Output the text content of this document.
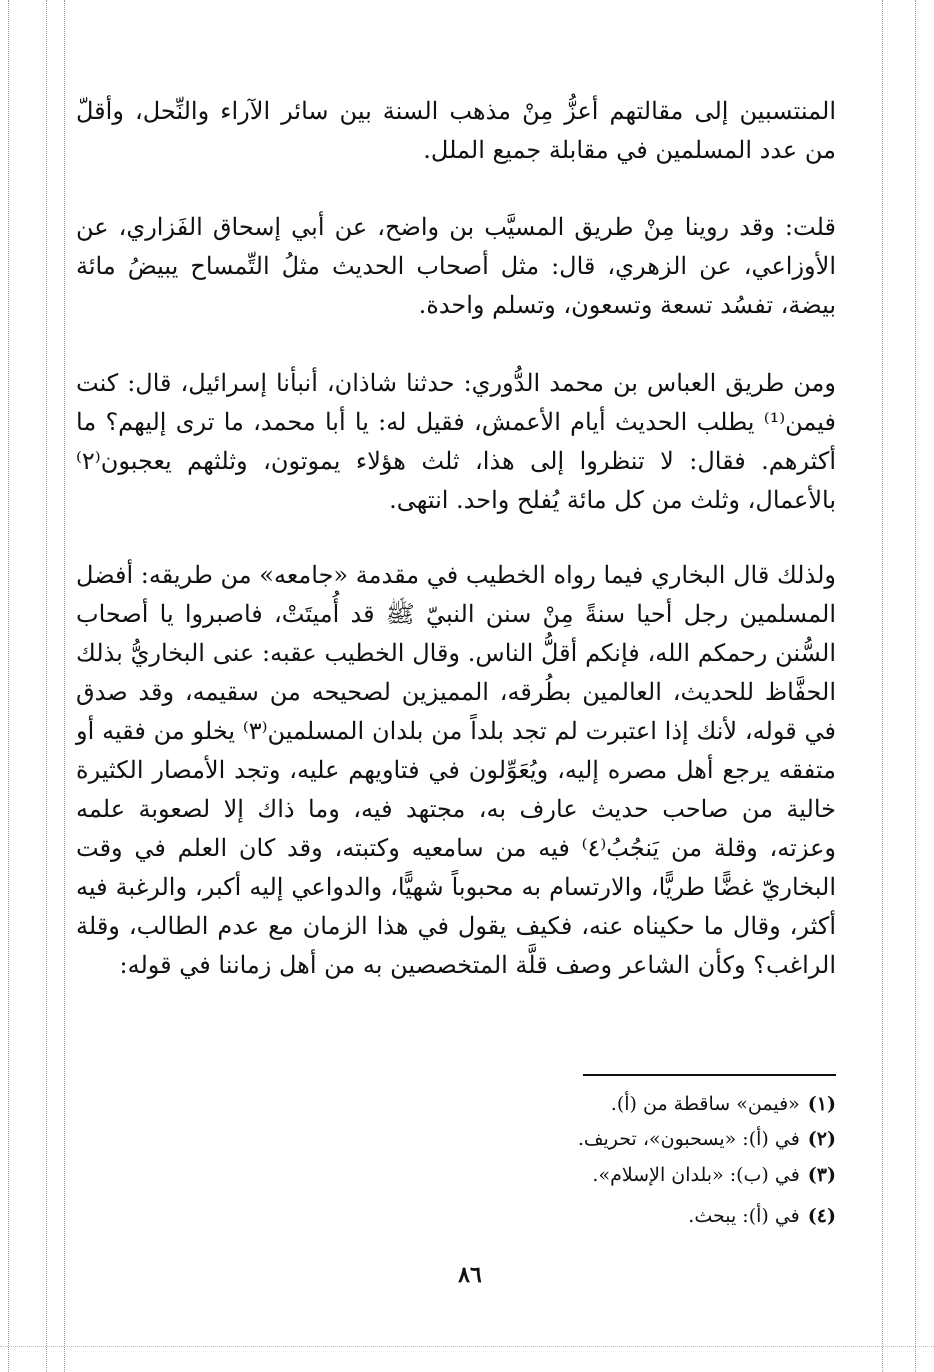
المنتسبين إلى مقالتهم أعزُّ مِنْ مذهب السنة بين سائر الآراء والنِّحل، وأقلّ من عدد المسلمين في مقابلة جميع الملل.

قلت: وقد روينا مِنْ طريق المسيَّب بن واضح، عن أبي إسحاق الفَزاري، عن الأوزاعي، عن الزهري، قال: مثل أصحاب الحديث مثلُ التِّمساح يبيضُ مائة بيضة، تفسُد تسعة وتسعون، وتسلم واحدة.

ومن طريق العباس بن محمد الدُّوري: حدثنا شاذان، أنبأنا إسرائيل، قال: كنت فيمن⁽¹⁾ يطلب الحديث أيام الأعمش، فقيل له: يا أبا محمد، ما ترى إليهم؟ ما أكثرهم. فقال: لا تنظروا إلى هذا، ثلث هؤلاء يموتون، وثلثهم يعجبون⁽٢⁾ بالأعمال، وثلث من كل مائة يُفلح واحد. انتهى.

ولذلك قال البخاري فيما رواه الخطيب في مقدمة «جامعه» من طريقه: أفضل المسلمين رجل أحيا سنةً مِنْ سنن النبيّ ﷺ قد أُميتَتْ، فاصبروا يا أصحاب السُّنن رحمكم الله، فإنكم أقلُّ الناس. وقال الخطيب عقبه: عنى البخاريُّ بذلك الحفَّاظ للحديث، العالمين بطُرقه، المميزين لصحيحه من سقيمه، وقد صدق في قوله، لأنك إذا اعتبرت لم تجد بلداً من بلدان المسلمين⁽٣⁾ يخلو من فقيه أو متفقه يرجع أهل مصره إليه، ويُعَوِّلون في فتاويهم عليه، وتجد الأمصار الكثيرة خالية من صاحب حديث عارف به، مجتهد فيه، وما ذاك إلا لصعوبة علمه وعزته، وقلة من يَنجُبُ⁽٤⁾ فيه من سامعيه وكتبته، وقد كان العلم في وقت البخاريّ غضًّا طريًّا، والارتسام به محبوباً شهيًّا، والدواعي إليه أكبر، والرغبة فيه أكثر، وقال ما حكيناه عنه، فكيف يقول في هذا الزمان مع عدم الطالب، وقلة الراغب؟ وكأن الشاعر وصف قلَّة المتخصصين به من أهل زماننا في قوله:

(١)«فيمن» ساقطة من (أ).
(٢)في (أ): «يسحبون»، تحريف.
(٣)في (ب): «بلدان الإسلام».
(٤)في (أ): يبحث.
٨٦
